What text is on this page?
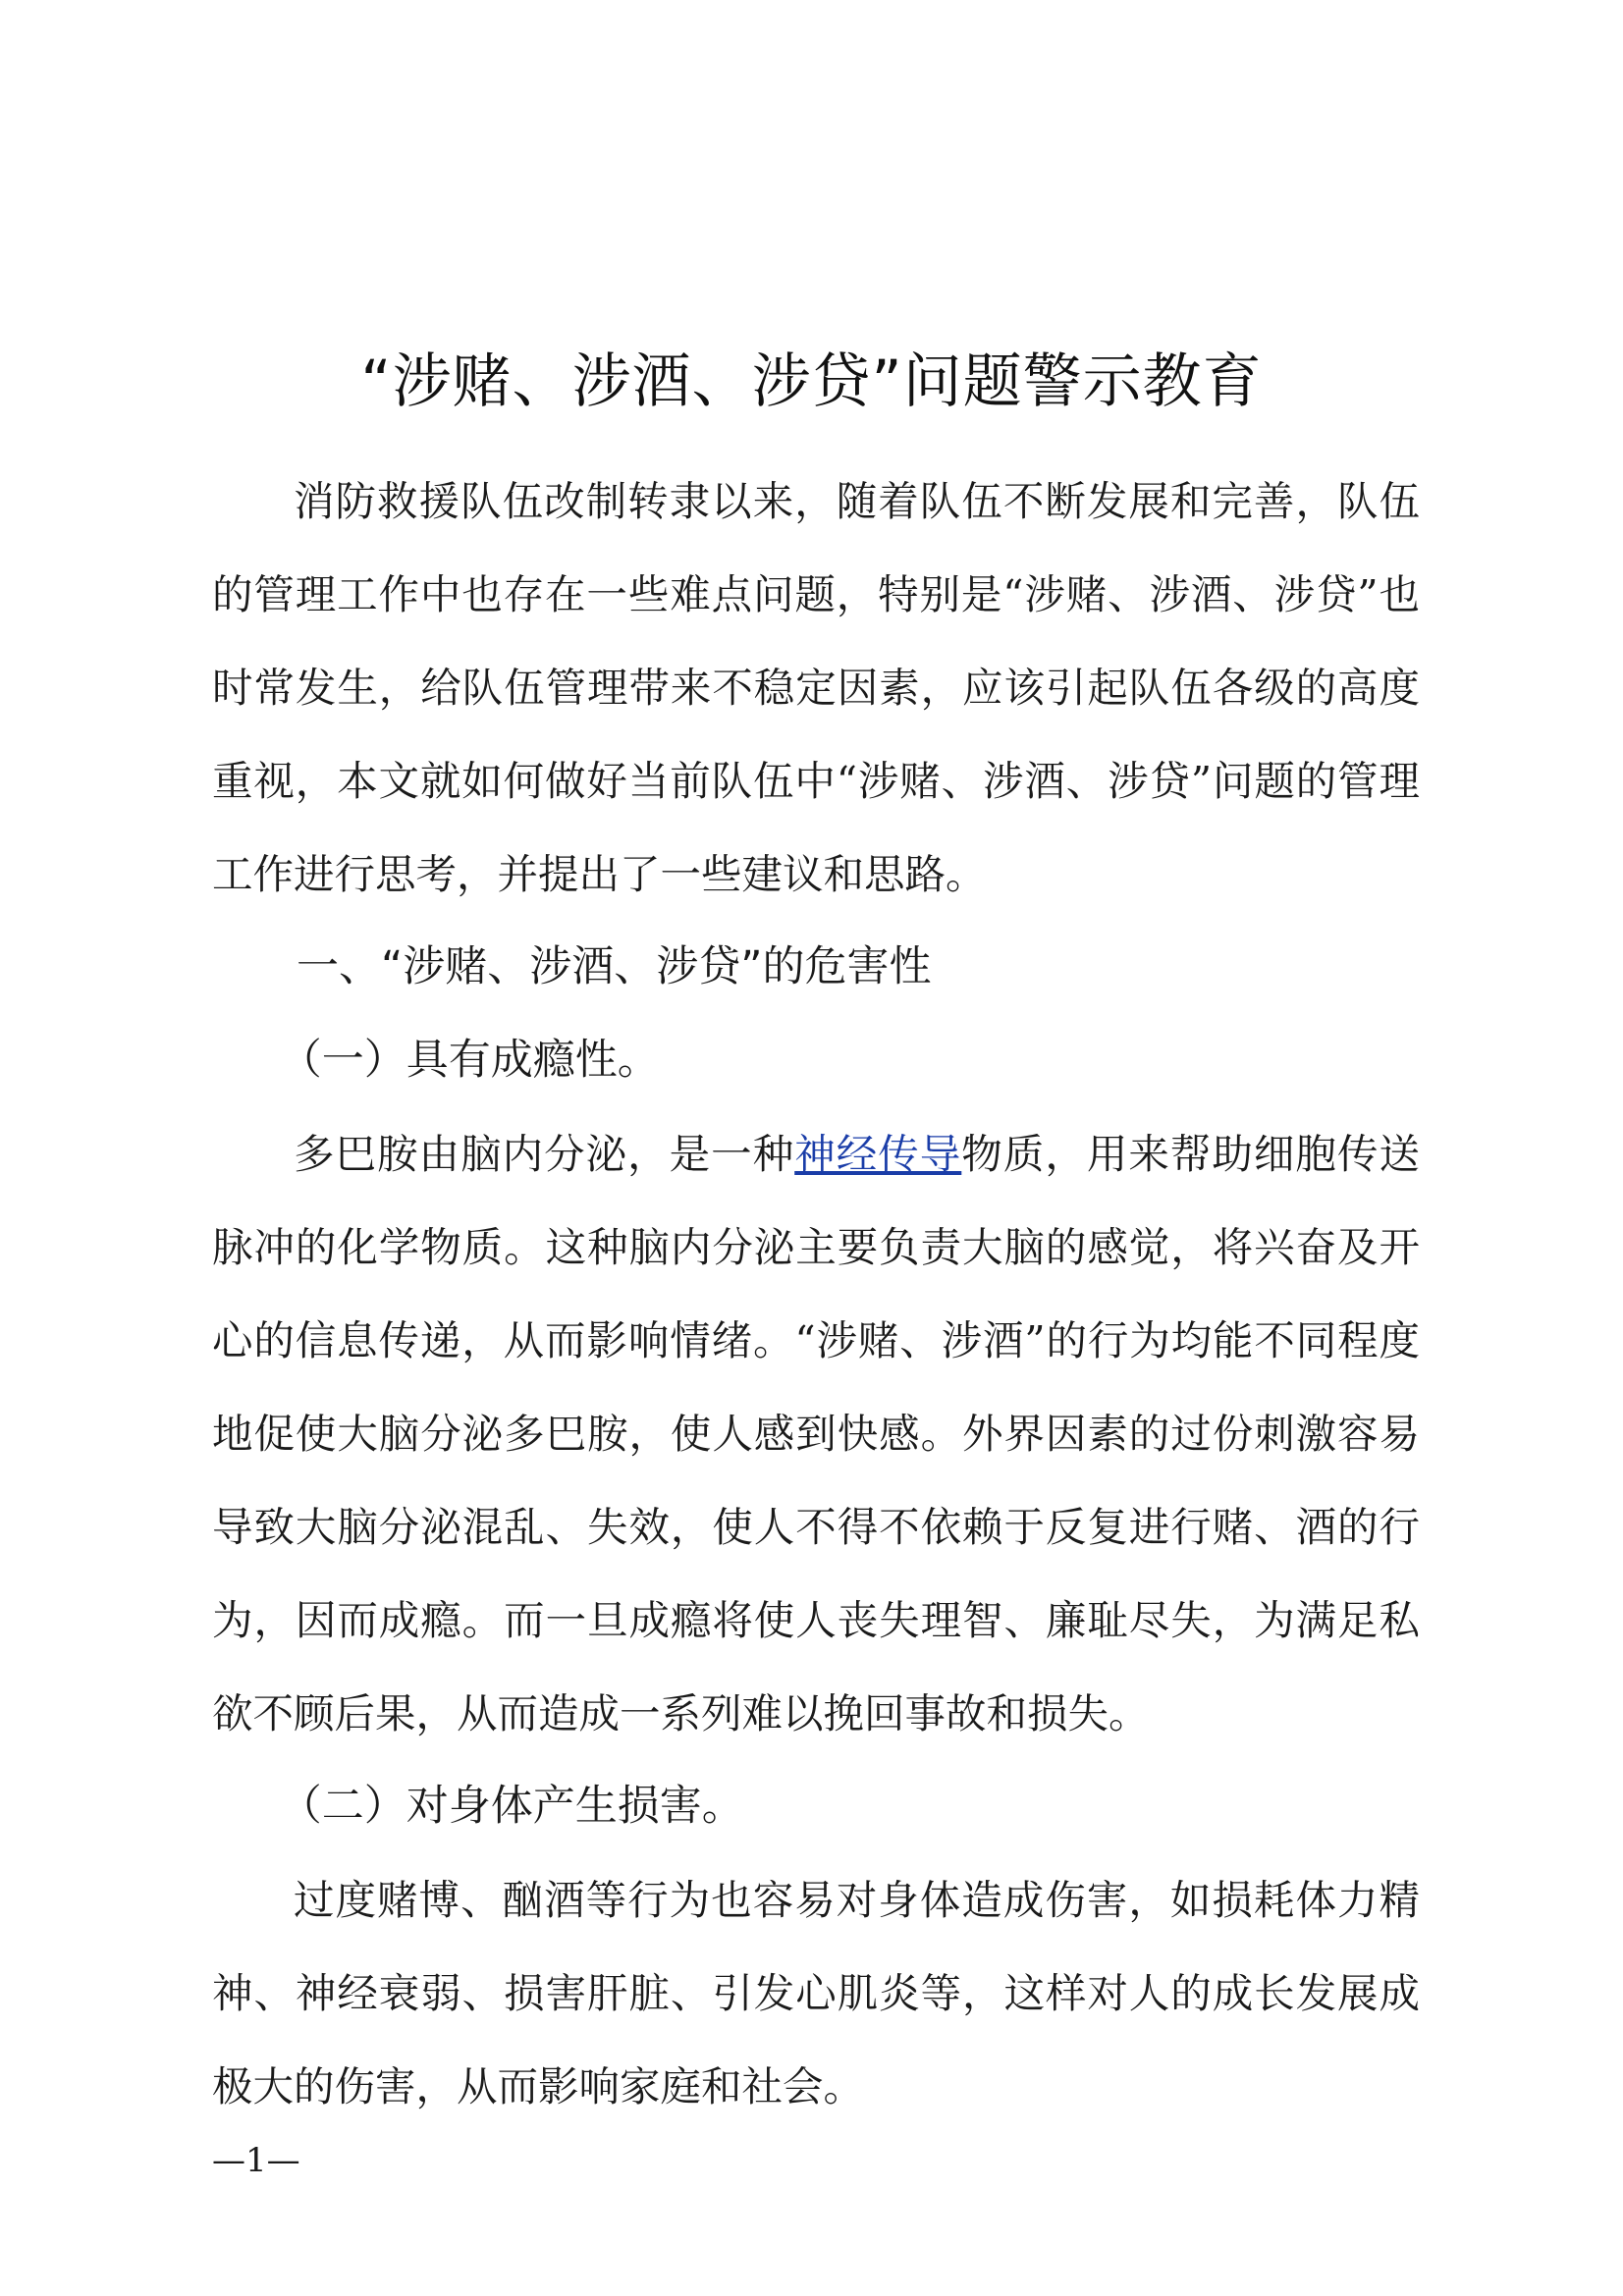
“涉赌、涉酒、涉贷”问题警示教育

消防救援队伍改制转隶以来，随着队伍不断发展和完善，队伍的管理工作中也存在一些难点问题，特别是“涉赌、涉酒、涉贷”也时常发生，给队伍管理带来不稳定因素，应该引起队伍各级的高度重视，本文就如何做好当前队伍中“涉赌、涉酒、涉贷”问题的管理工作进行思考，并提出了一些建议和思路。

一、“涉赌、涉酒、涉贷”的危害性

（一）具有成瘾性。

多巴胺由脑内分泌，是一种神经传导物质，用来帮助细胞传送脉冲的化学物质。这种脑内分泌主要负责大脑的感觉，将兴奋及开心的信息传递，从而影响情绪。“涉赌、涉酒”的行为均能不同程度地促使大脑分泌多巴胺，使人感到快感。外界因素的过份刺激容易导致大脑分泌混乱、失效，使人不得不依赖于反复进行赌、酒的行为，因而成瘾。而一旦成瘾将使人丧失理智、廉耻尽失，为满足私欲不顾后果，从而造成一系列难以挽回事故和损失。

（二）对身体产生损害。

过度赌博、酗酒等行为也容易对身体造成伤害，如损耗体力精神、神经衰弱、损害肝脏、引发心肌炎等，这样对人的成长发展成极大的伤害，从而影响家庭和社会。

—1—
